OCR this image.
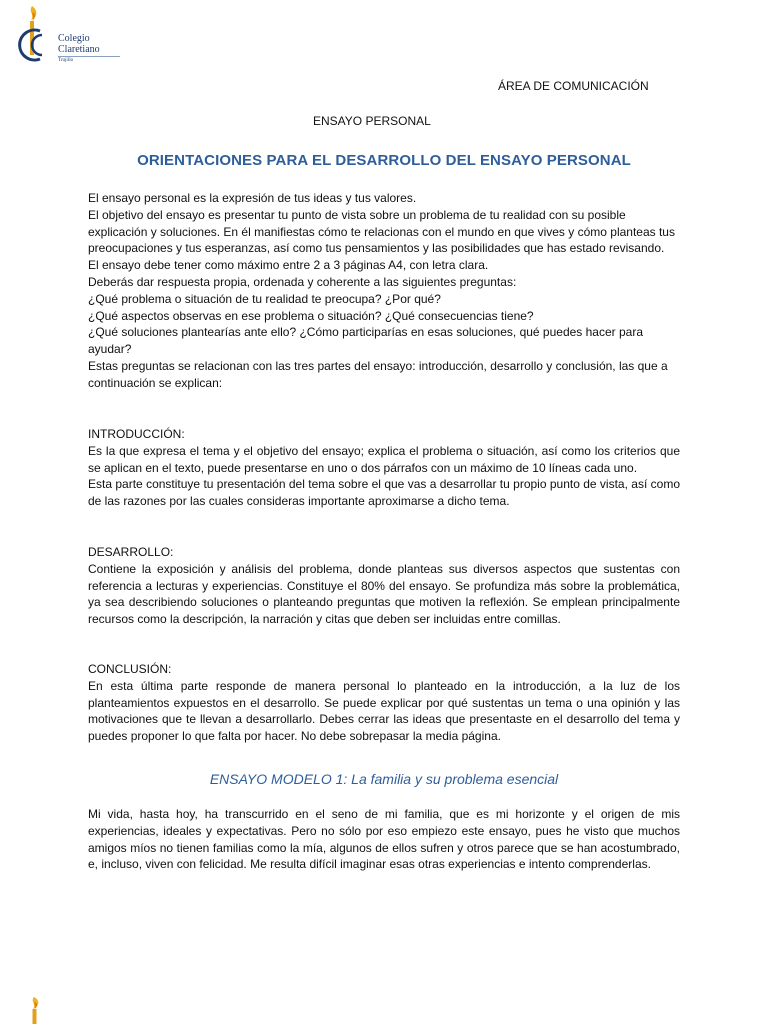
Colegio
Claretiano
Trujillo
ÁREA DE COMUNICACIÓN
ENSAYO PERSONAL
ORIENTACIONES PARA EL DESARROLLO DEL ENSAYO PERSONAL

El ensayo personal es la expresión de tus ideas y tus valores.

El objetivo del ensayo es presentar tu punto de vista sobre un problema de tu realidad con su posible explicación y soluciones. En él manifiestas cómo te relacionas con el mundo en que vives y cómo planteas tus preocupaciones y tus esperanzas, así como tus pensamientos y las posibilidades que has estado revisando.

El ensayo debe tener como máximo entre 2 a 3 páginas A4, con letra clara.

Deberás dar respuesta propia, ordenada y coherente a las siguientes preguntas:

¿Qué problema o situación de tu realidad te preocupa? ¿Por qué?

¿Qué aspectos observas en ese problema o situación? ¿Qué consecuencias tiene?

¿Qué soluciones plantearías ante ello? ¿Cómo participarías en esas soluciones, qué puedes hacer para ayudar?

Estas preguntas se relacionan con las tres partes del ensayo: introducción, desarrollo y conclusión, las que a continuación se explican:

INTRODUCCIÓN:

Es la que expresa el tema y el objetivo del ensayo; explica el problema o situación, así como los criterios que se aplican en el texto, puede presentarse en uno o dos párrafos con un máximo de 10 líneas cada uno.

Esta parte constituye tu presentación del tema sobre el que vas a desarrollar tu propio punto de vista, así como de las razones por las cuales consideras importante aproximarse a dicho tema.

DESARROLLO:

Contiene la exposición y análisis del problema, donde planteas sus diversos aspectos que sustentas con referencia a lecturas y experiencias. Constituye el 80% del ensayo. Se profundiza más sobre la problemática, ya sea describiendo soluciones o planteando preguntas que motiven la reflexión. Se emplean principalmente recursos como la descripción, la narración y citas que deben ser incluidas entre comillas.

CONCLUSIÓN:

En esta última parte responde de manera personal lo planteado en la introducción, a la luz de los planteamientos expuestos en el desarrollo. Se puede explicar por qué sustentas un tema o una opinión y las motivaciones que te llevan a desarrollarlo. Debes cerrar las ideas que presentaste en el desarrollo del tema y puedes proponer lo que falta por hacer. No debe sobrepasar la media página.

ENSAYO MODELO 1: La familia y su problema esencial

Mi vida, hasta hoy, ha transcurrido en el seno de mi familia, que es mi horizonte y el origen de mis experiencias, ideales y expectativas. Pero no sólo por eso empiezo este ensayo, pues he visto que muchos amigos míos no tienen familias como la mía, algunos de ellos sufren y otros parece que se han acostumbrado, e, incluso, viven con felicidad. Me resulta difícil imaginar esas otras experiencias e intento comprenderlas.
